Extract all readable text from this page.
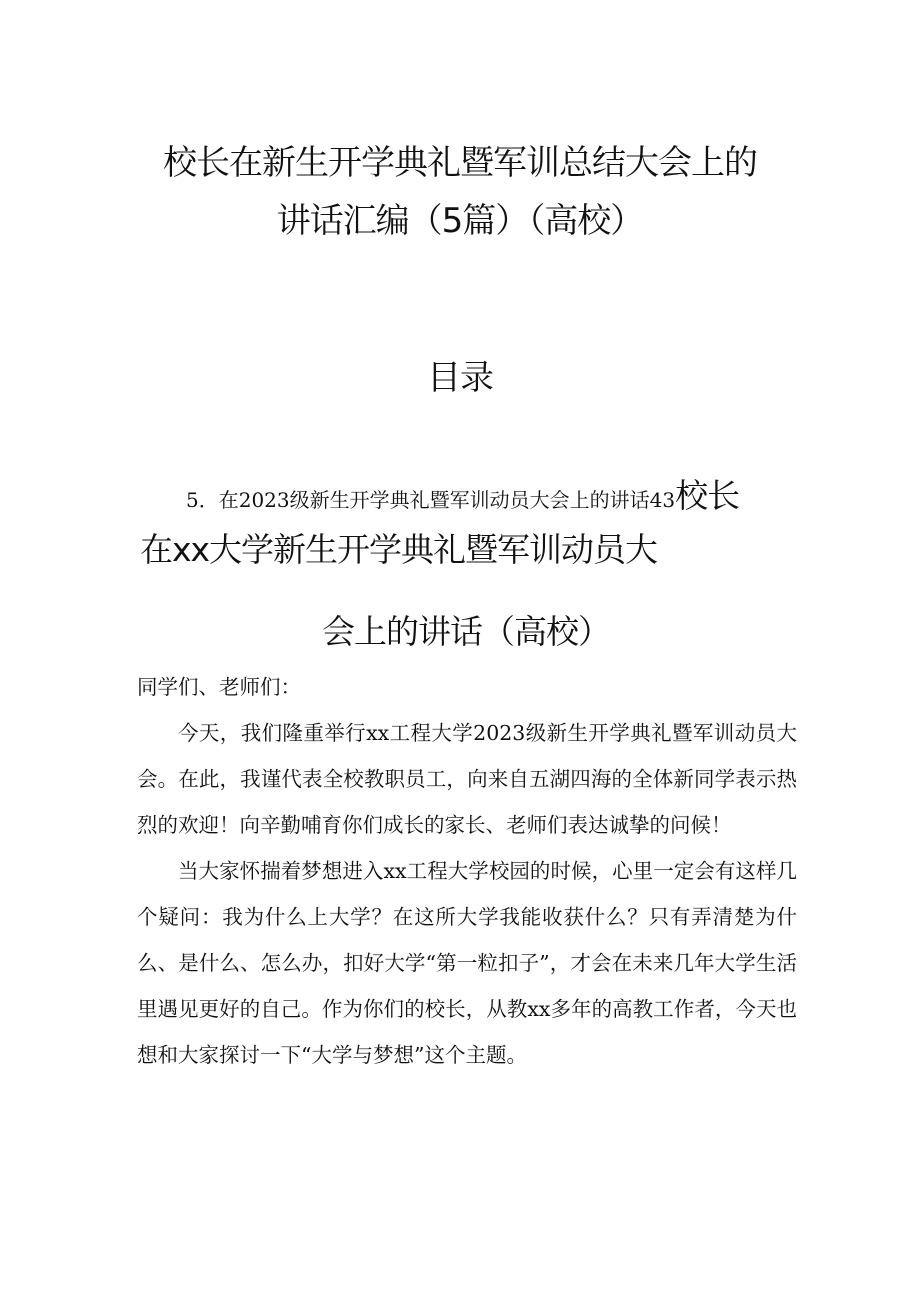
校长在新生开学典礼暨军训总结大会上的
讲话汇编（5篇）（高校）
目录
5．在2023级新生开学典礼暨军训动员大会上的讲话43校长
在xx大学新生开学典礼暨军训动员大
会上的讲话（高校）

同学们、老师们：

今天，我们隆重举行xx工程大学2023级新生开学典礼暨军训动员大会。在此，我谨代表全校教职员工，向来自五湖四海的全体新同学表示热烈的欢迎！向辛勤哺育你们成长的家长、老师们表达诚挚的问候！

当大家怀揣着梦想进入xx工程大学校园的时候，心里一定会有这样几个疑问：我为什么上大学？在这所大学我能收获什么？只有弄清楚为什么、是什么、怎么办，扣好大学“第一粒扣子”，才会在未来几年大学生活里遇见更好的自己。作为你们的校长，从教xx多年的高教工作者，今天也想和大家探讨一下“大学与梦想”这个主题。
